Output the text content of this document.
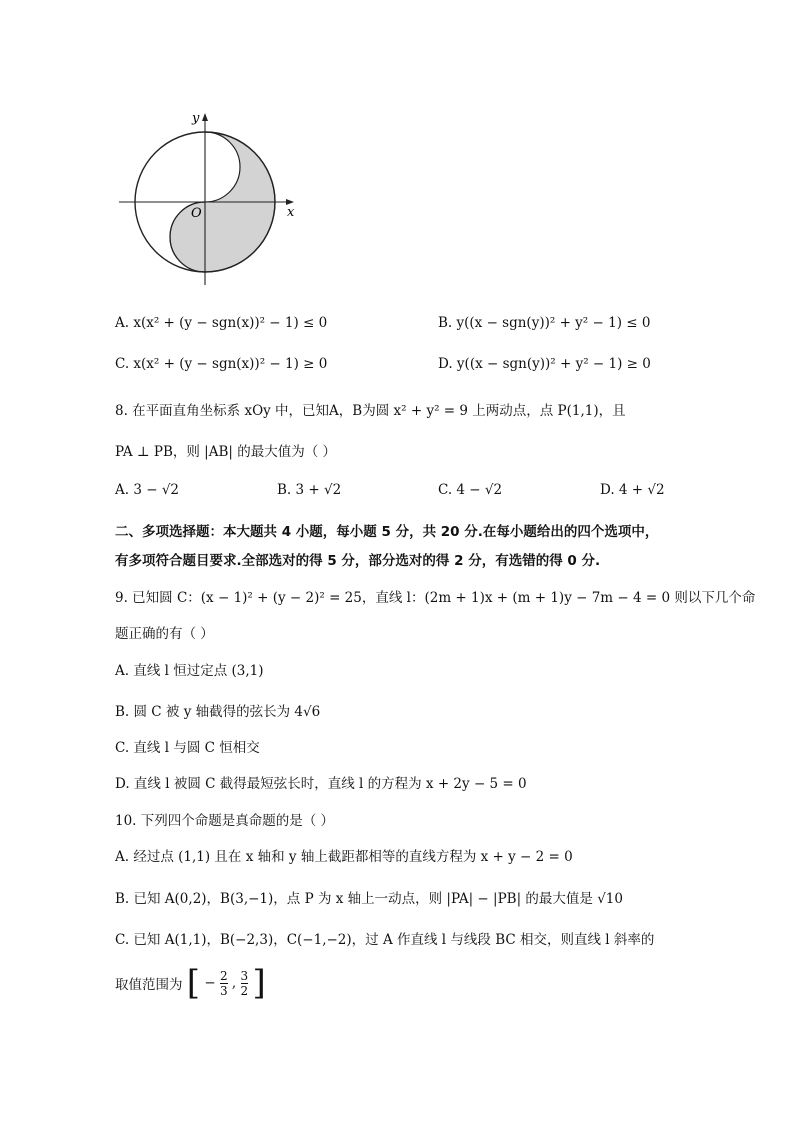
y
x
O
A. x(x² + (y − sgn(x))² − 1) ≤ 0	B. y((x − sgn(y))² + y² − 1) ≤ 0
C. x(x² + (y − sgn(x))² − 1) ≥ 0	D. y((x − sgn(y))² + y² − 1) ≥ 0
8. 在平面直角坐标系 xOy 中，已知A，B为圆 x² + y² = 9 上两动点，点 P(1,1)，且
PA ⊥ PB，则 |AB| 的最大值为（ ）
A. 3 − √2	B. 3 + √2	C. 4 − √2	D. 4 + √2
二、多项选择题：本大题共 4 小题，每小题 5 分，共 20 分.在每小题给出的四个选项中，
有多项符合题目要求.全部选对的得 5 分，部分选对的得 2 分，有选错的得 0 分.
9. 已知圆 C：(x − 1)² + (y − 2)² = 25，直线 l：(2m + 1)x + (m + 1)y − 7m − 4 = 0 则以下几个命
题正确的有（ ）
A. 直线 l 恒过定点 (3,1)
B. 圆 C 被 y 轴截得的弦长为 4√6
C. 直线 l 与圆 C 恒相交
D. 直线 l 被圆 C 截得最短弦长时，直线 l 的方程为 x + 2y − 5 = 0
10. 下列四个命题是真命题的是（ ）
A. 经过点 (1,1) 且在 x 轴和 y 轴上截距都相等的直线方程为 x + y − 2 = 0
B. 已知 A(0,2)，B(3,−1)，点 P 为 x 轴上一动点，则 |PA| − |PB| 的最大值是 √10
C. 已知 A(1,1)，B(−2,3)，C(−1,−2)，过 A 作直线 l 与线段 BC 相交，则直线 l 斜率的
取值范围为 [ − $\frac{2}{3}$ , $\frac{3}{2}$ ]
